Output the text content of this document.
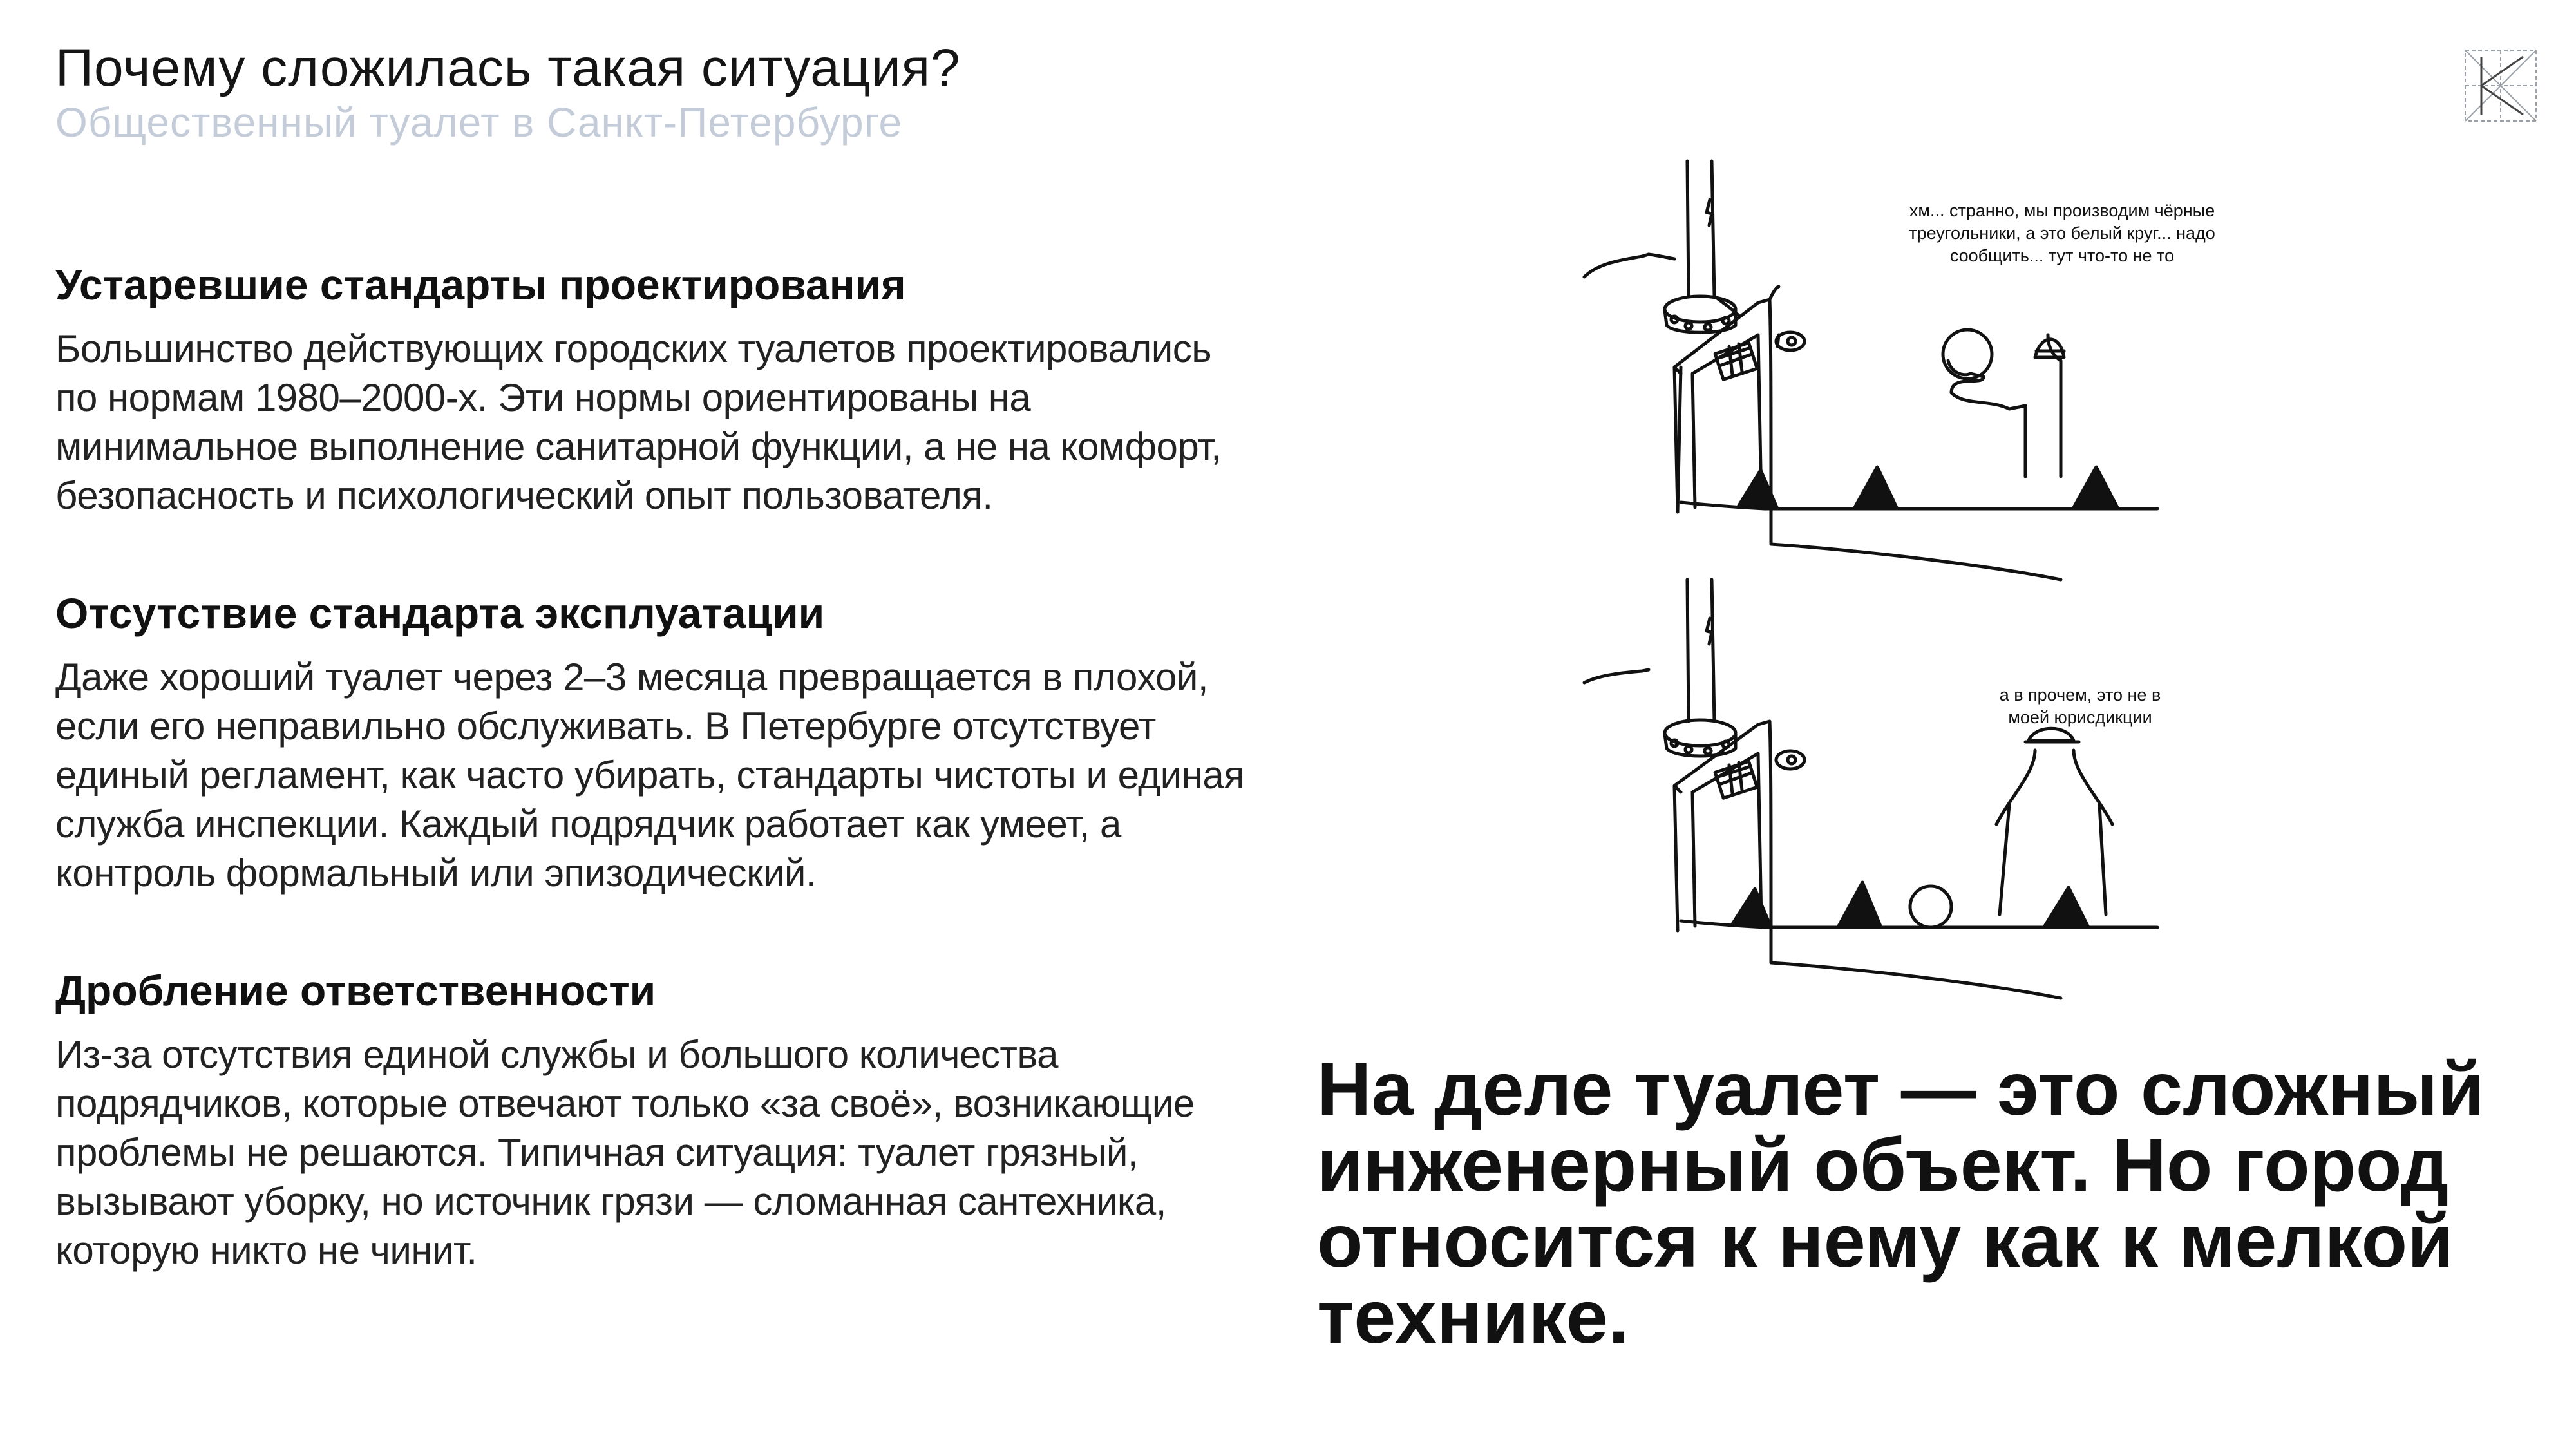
Почему сложилась такая ситуация?
Общественный туалет в Санкт-Петербурге
Устаревшие стандарты проектирования

Большинство действующих городских туалетов проектировались по нормам 1980–2000-х. Эти нормы ориентированы на минимальное выполнение санитарной функции, а не на комфорт, безопасность и психологический опыт пользователя.

Отсутствие стандарта эксплуатации

Даже хороший туалет через 2–3 месяца превращается в плохой, если его неправильно обслуживать. В Петербурге отсутствует единый регламент, как часто убирать, стандарты чистоты и единая служба инспекции. Каждый подрядчик работает как умеет, а контроль формальный или эпизодический.

Дробление ответственности

Из-за отсутствия единой службы и большого количества подрядчиков, которые отвечают только «за своё», возникающие проблемы не решаются. Типичная ситуация: туалет грязный, вызывают уборку, но источник грязи — сломанная сантехника, которую никто не чинит.

хм... странно, мы производим чёрные треугольники, а это белый круг... надо сообщить... тут что-то не то
а в прочем, это не в моей юрисдикции

На деле туалет — это сложный инженерный объект. Но город относится к нему как к мелкой технике.
